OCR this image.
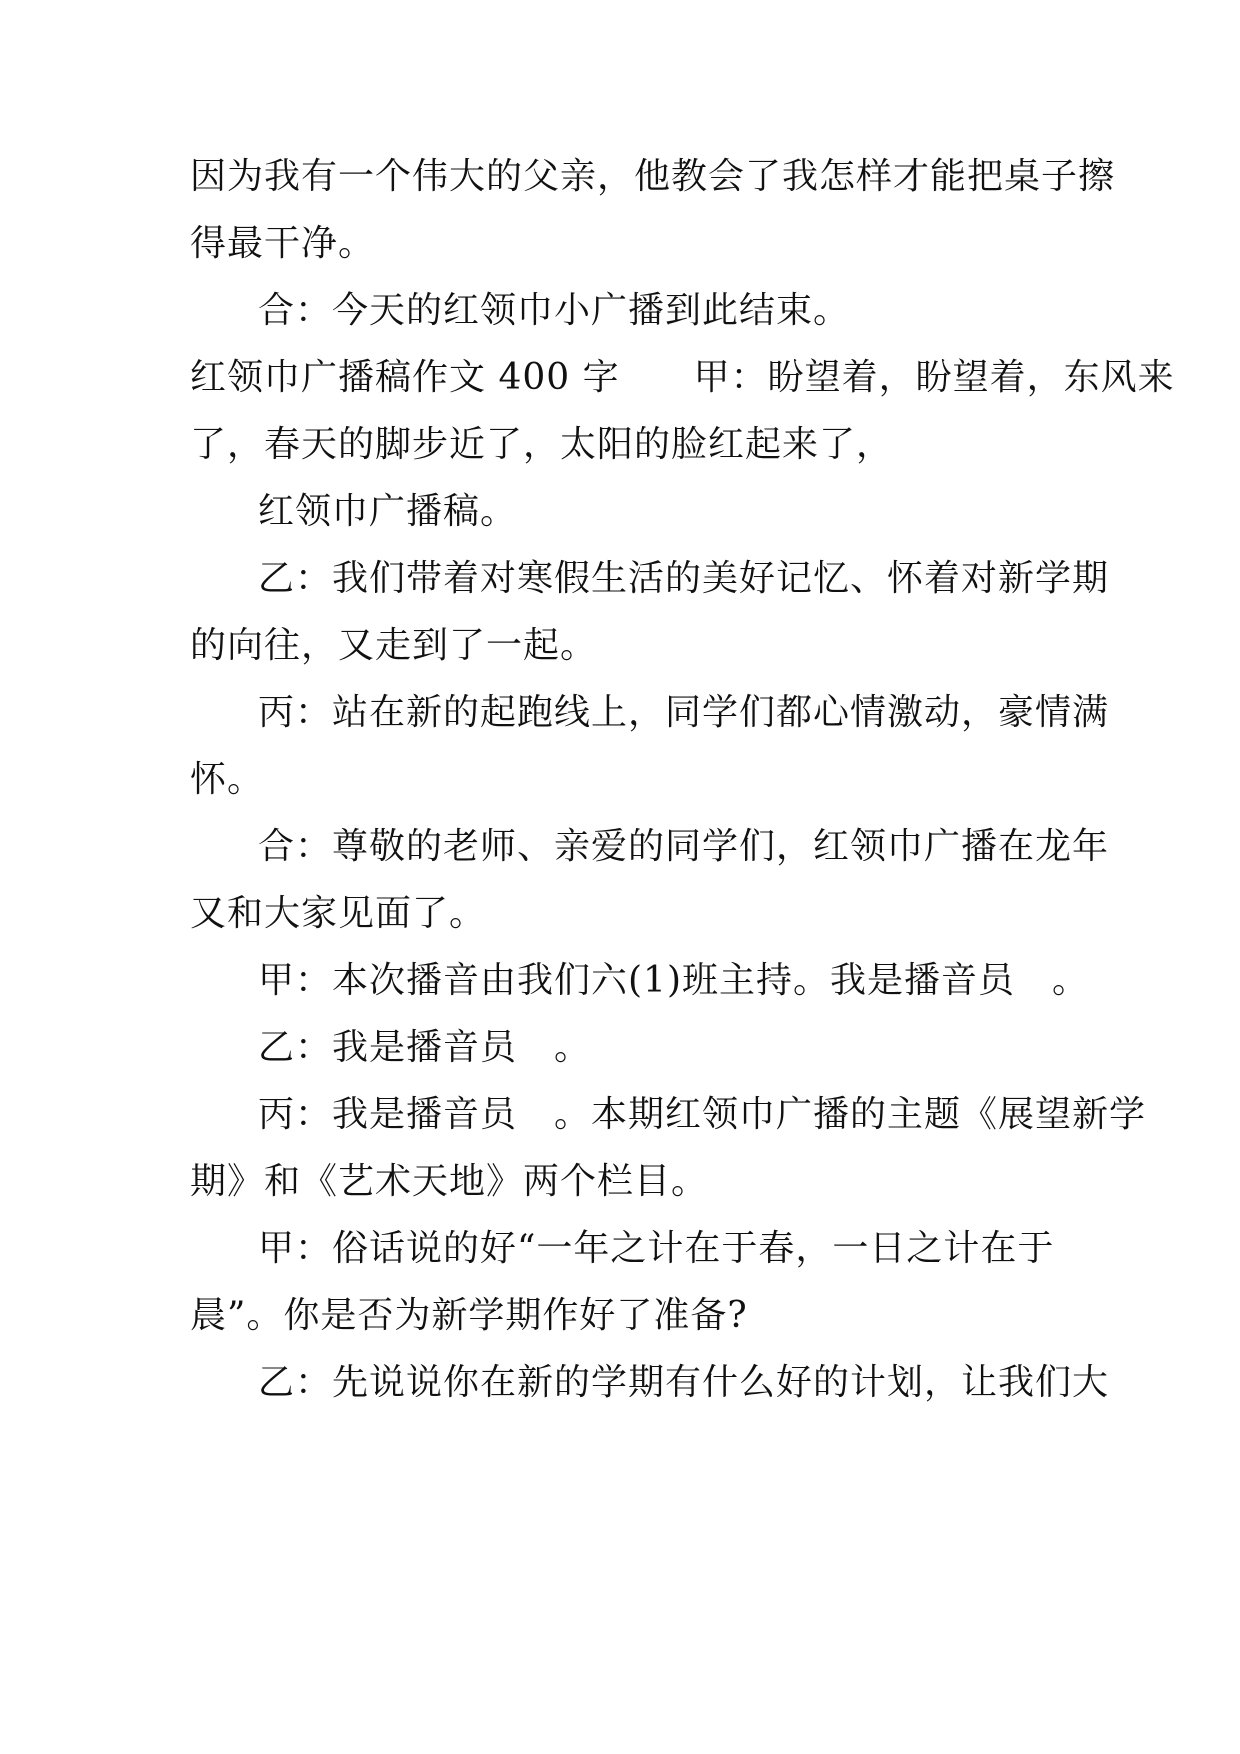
因为我有一个伟大的父亲，他教会了我怎样才能把桌子擦
得最干净。
合：今天的红领巾小广播到此结束。
红领巾广播稿作文 400 字　　甲：盼望着，盼望着，东风来
了，春天的脚步近了，太阳的脸红起来了，
红领巾广播稿。
乙：我们带着对寒假生活的美好记忆、怀着对新学期
的向往，又走到了一起。
丙：站在新的起跑线上，同学们都心情激动，豪情满
怀。
合：尊敬的老师、亲爱的同学们，红领巾广播在龙年
又和大家见面了。
甲：本次播音由我们六(1)班主持。我是播音员　。
乙：我是播音员　。
丙：我是播音员　。本期红领巾广播的主题《展望新学
期》和《艺术天地》两个栏目。
甲：俗话说的好“一年之计在于春，一日之计在于
晨”。你是否为新学期作好了准备?
乙：先说说你在新的学期有什么好的计划，让我们大
